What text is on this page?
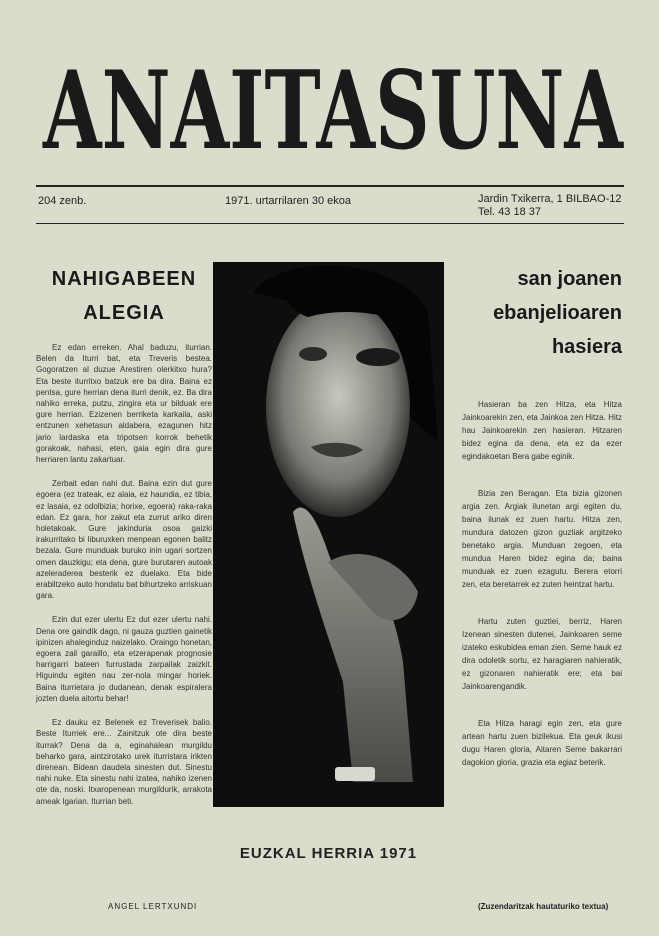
ANAITASUNA
204 zenb.	1971. urtarrilaren 30 ekoa	Jardin Txikerra, 1 BILBAO-12
Tel. 43 18 37
NAHIGABEEN
ALEGIA

Ez edan erreken. Ahal baduzu, iturrian. Belen da Iturri bat, eta Treveris bestea. Gogoratzen al duzue Arestiren olerkitxo hura? Eta beste iturritxo batzuk ere ba dira. Baina ez pentsa, gure herrian dena iturri denik, ez. Ba dira nahiko erreka, putzu, zingira eta ur bilduak ere gure herrian. Ezizenen berriketa karkaila, aski entzunen xehetasun aldabera, ezagunen hitz jario lardaska eta tripotsen korrok behetik gorakoak, nahasi, eten, gaia egin dira gure herriaren lantu zakartuar.

Zerbait edan nahi dut. Baina ezin dut gure egoera (ez trateak, ez alaia, ez haundia, ez tibia, ez lasaia, ez odolbizia; horixe, egoera) raka-raka edan. Ez gara, hor zakut eta zurrut ariko diren holetakoak. Gure jakinduria osoa gaizki irakurritako bi liburuxken menpean egonen balitz bezala. Gure munduak buruko inin ugari sortzen omen dauzkigu; eta dena, gure burutaren autoak azeleraderea besterik ez duelako. Eta bide erabiltzeko auto hondatu bat bihurtzeko arriskuan gara.

Ezin dut ezer ulertu Ez dut ezer ulertu nahi. Dena ore gaindik dago, ni gauza guztien gainetik ipinizen ahaleginduz naizelako. Oraingo honetan, egoera zail garaillo, eta etzerapenak prognosie harrigarri bateen furrustada zarpailak zaizkit. Higuindu egiten nau zer-nola mingar horiek. Baina iturrietara jo dudanean, denak espiralera jozten duela aitortu behar!

Ez dauku ez Belenek ez Treverisek balio. Beste Iturriek ere... Zainitzuk ote dira beste iturrak? Dena da a, eginahalean murgildu beharko gara, aintzirotako urek iturristara irikten direnean. Bidean daudela sinesten dut. Sinestu nahi nuke. Eta sinestu nahi izatea, nahiko izenen ote da, noski. Itxaropenean murgildurik, arrakota ameak Igarian. Iturrian beti.

EUZKAL HERRIA 1971
san joanen
ebanjelioaren
hasiera

Hasieran ba zen Hitza, eta Hitza Jainkoarekin zen, eta Jainkoa zen Hitza. Hitz hau Jainkoarekin zen hasieran. Hitzaren bidez egina da dena, eta ez da ezer egindakoetan Bera gabe eginik.

Bizia zen Beragan. Eta bizia gizonen argia zen. Argiak ilunetan argi egiten du, baina ilunak ez zuen hartu. Hitza zen, mundura datozen gizon guztiak argitzeko benetako argia. Munduan zegoen, eta mundua Haren bidez egina da; baina munduak ez zuen ezagutu. Berera etorri zen, eta beretarrek ez zuten heintzat hartu.

Hartu zuten guztiei, berriz, Haren Izenean sinesten dutenei, Jainkoaren seme izateko eskubidea eman zien. Seme hauk ez dira odoletik sortu, ez haragiaren nahieratik, ez gizonaren nahieratik ere; eta bai Jainkoarengandik.

Eta Hitza haragi egin zen, eta gure artean hartu zuen bizilekua. Eta geuk ikusi dugu Haren gloria, Aitaren Seme bakarrari dagokion gloria, grazia eta egiaz beterik.

ANGEL LERTXUNDI	(Zuzendaritzak hautaturiko textua)
